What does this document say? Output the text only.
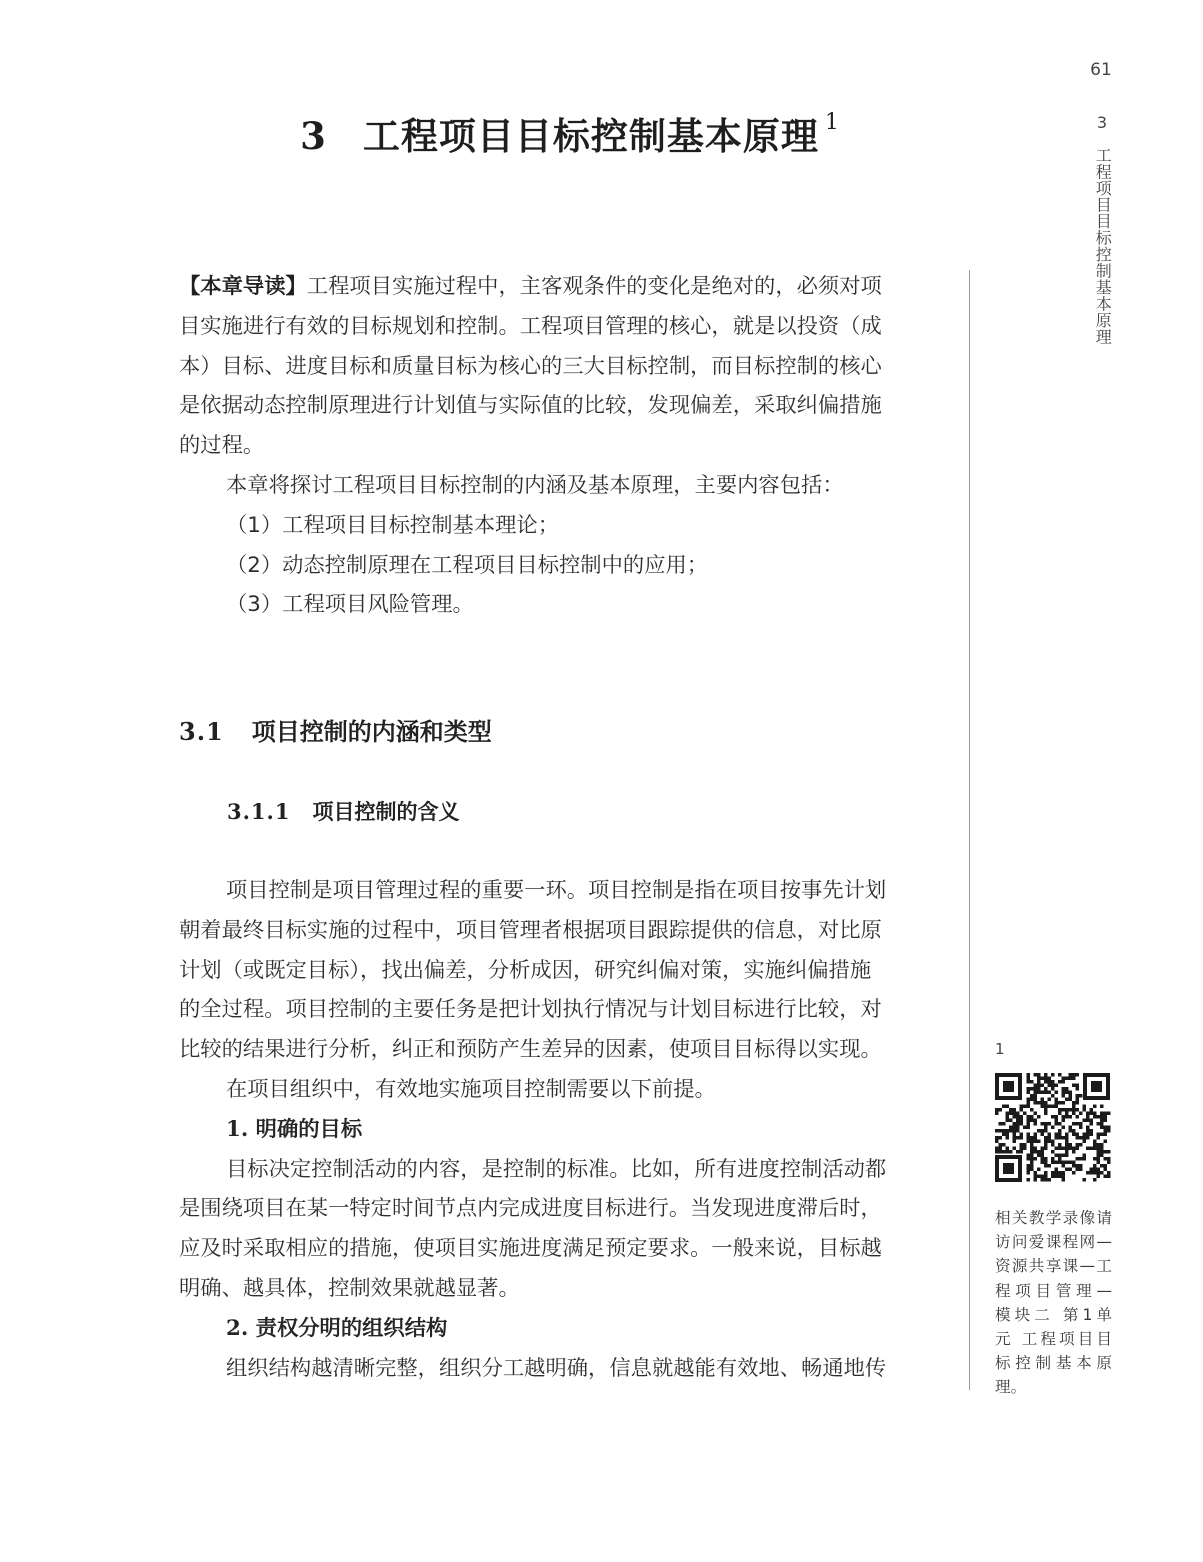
61
3
工程项目目标控制基本原理
3 工程项目目标控制基本原理 $^1$

【本章导读】工程项目实施过程中，主客观条件的变化是绝对的，必须对项

目实施进行有效的目标规划和控制。工程项目管理的核心，就是以投资（成

本）目标、进度目标和质量目标为核心的三大目标控制，而目标控制的核心

是依据动态控制原理进行计划值与实际值的比较，发现偏差，采取纠偏措施

的过程。

本章将探讨工程项目目标控制的内涵及基本原理，主要内容包括：

（1）工程项目目标控制基本理论；

（2）动态控制原理在工程项目目标控制中的应用；

（3）工程项目风险管理。

3.1 项目控制的内涵和类型
3.1.1 项目控制的含义

项目控制是项目管理过程的重要一环。项目控制是指在项目按事先计划

朝着最终目标实施的过程中，项目管理者根据项目跟踪提供的信息，对比原

计划（或既定目标），找出偏差，分析成因，研究纠偏对策，实施纠偏措施

的全过程。项目控制的主要任务是把计划执行情况与计划目标进行比较，对

比较的结果进行分析，纠正和预防产生差异的因素，使项目目标得以实现。

在项目组织中，有效地实施项目控制需要以下前提。

1. 明确的目标

目标决定控制活动的内容，是控制的标准。比如，所有进度控制活动都

是围绕项目在某一特定时间节点内完成进度目标进行。当发现进度滞后时，

应及时采取相应的措施，使项目实施进度满足预定要求。一般来说，目标越

明确、越具体，控制效果就越显著。

2. 责权分明的组织结构

组织结构越清晰完整，组织分工越明确，信息就越能有效地、畅通地传

1

相关教学录像请

访问爱课程网—

资源共享课—工

程项目管理—

模块二 第1单

元 工程项目目

标控制基本原

理。
